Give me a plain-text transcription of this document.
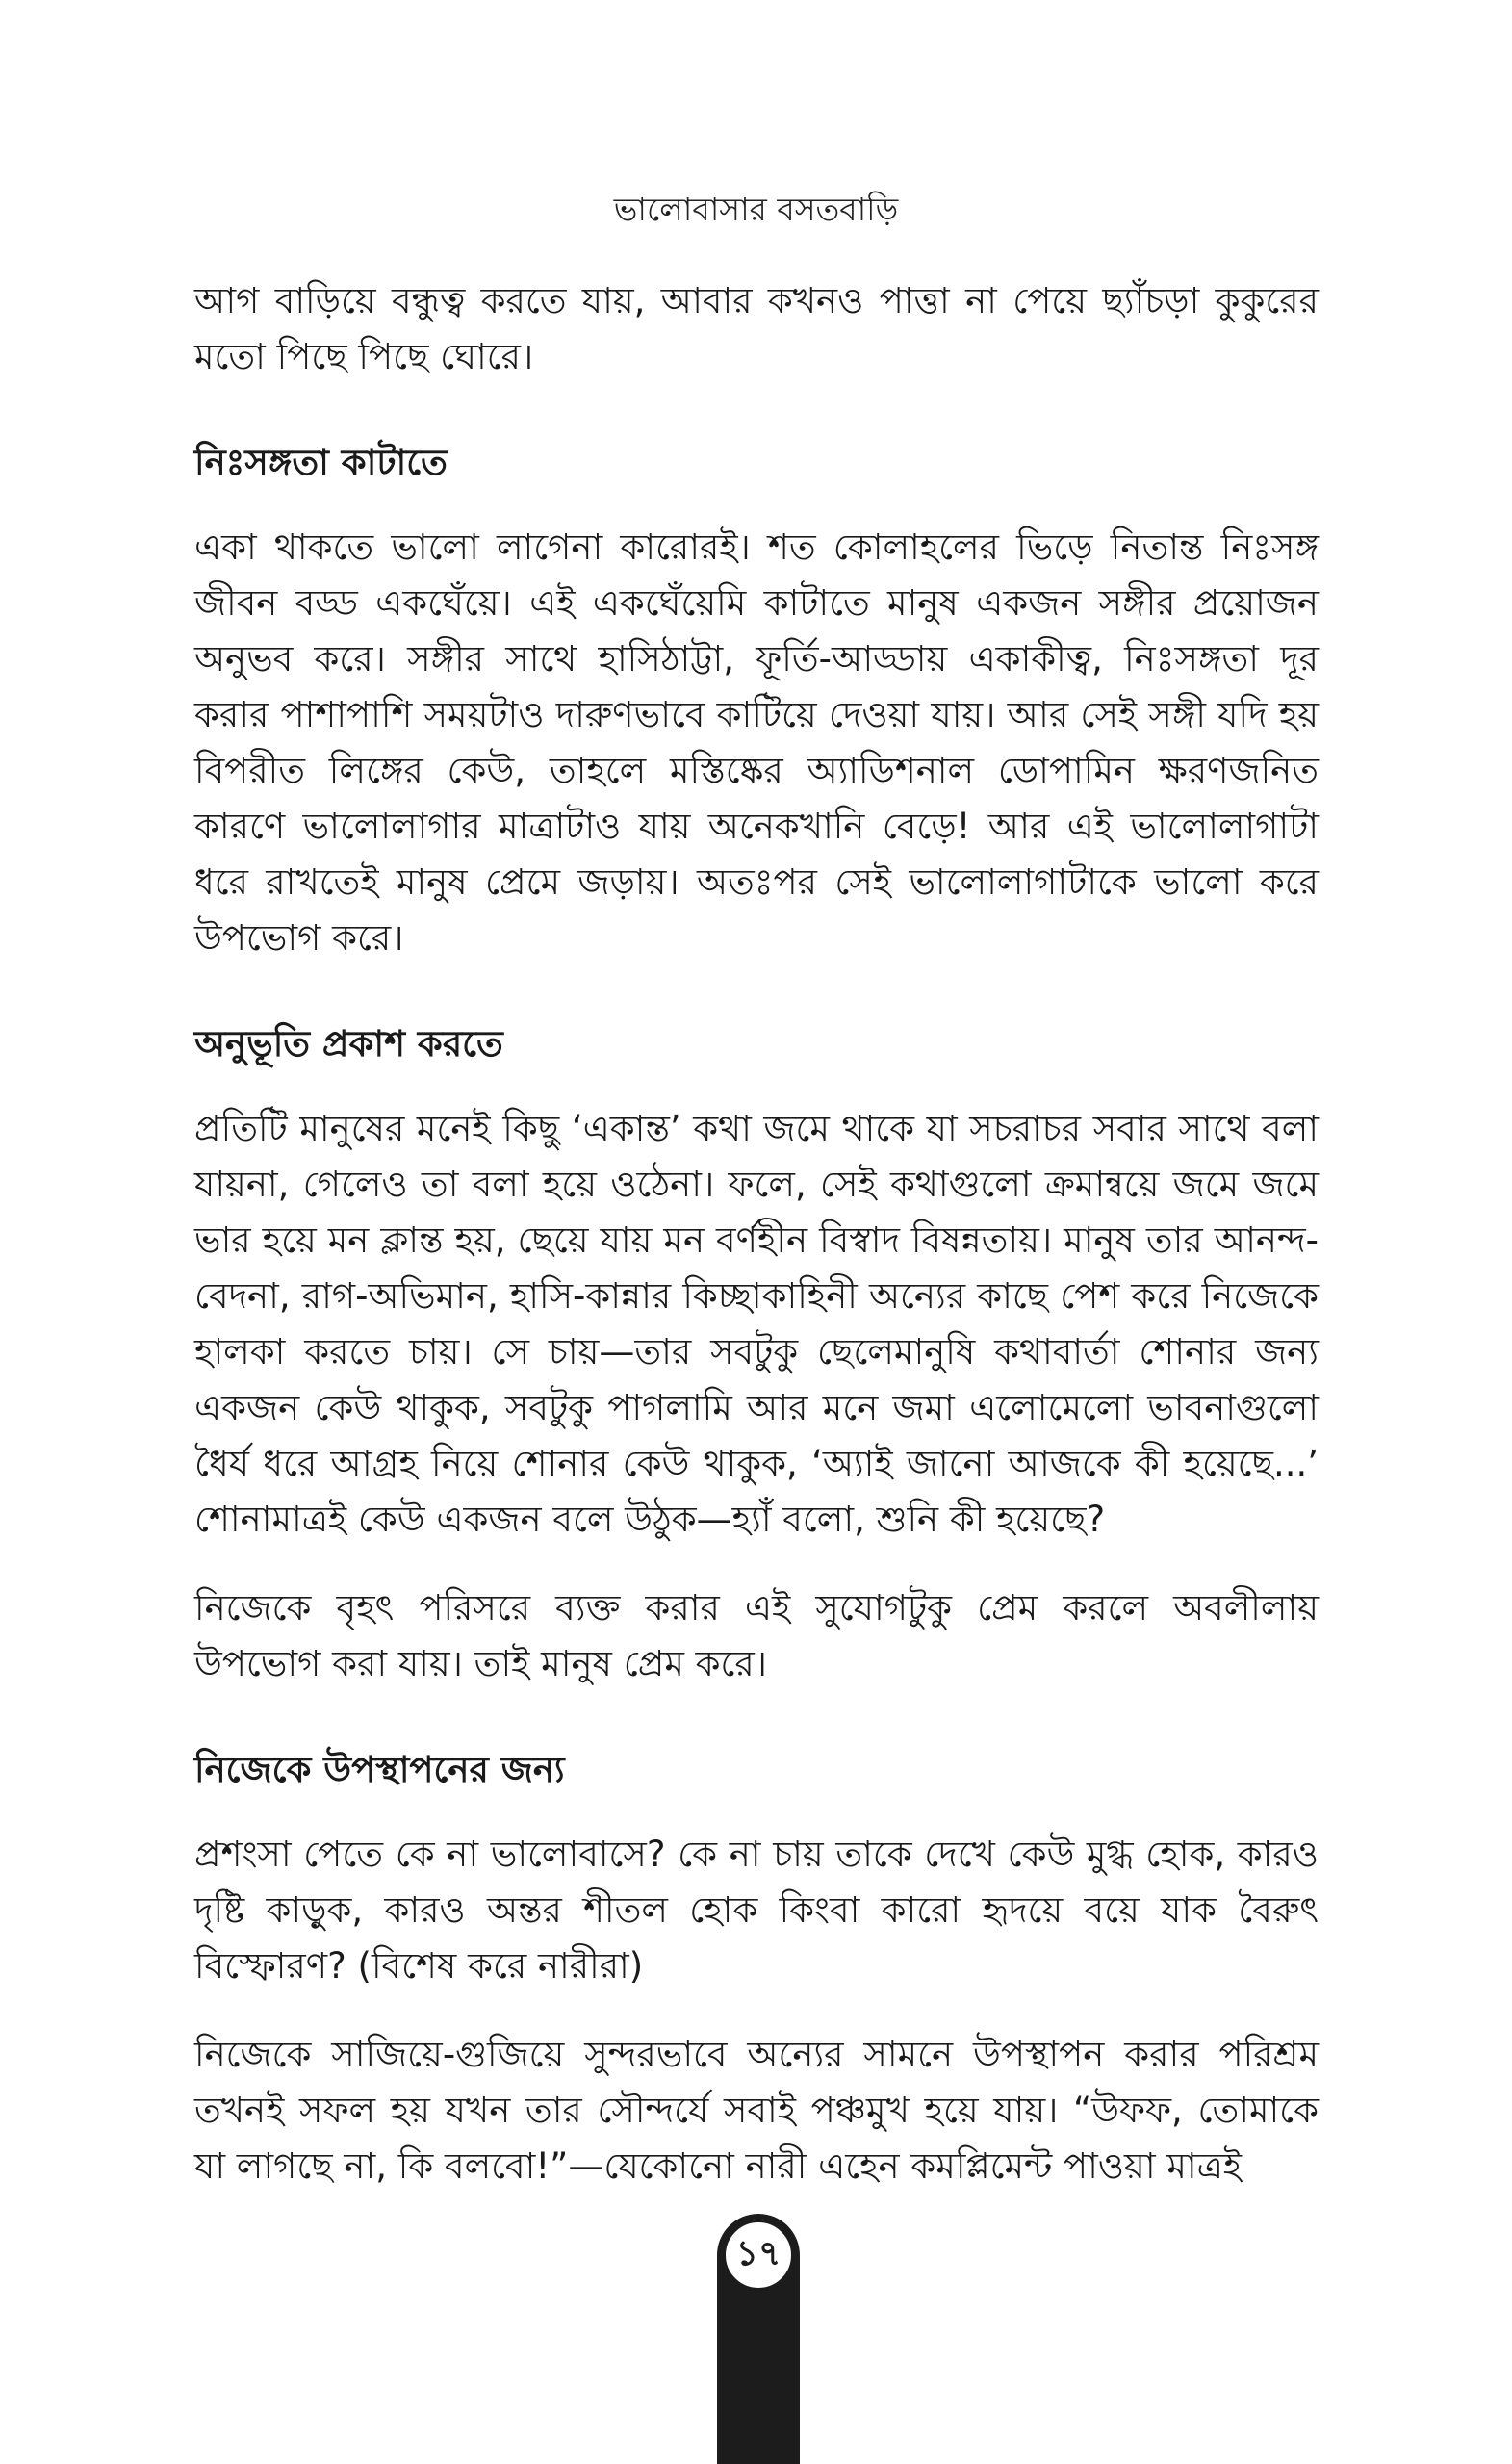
ভালোবাসার বসতবাড়ি

আগ বাড়িয়ে বন্ধুত্ব করতে যায়, আবার কখনও পাত্তা না পেয়ে ছ্যাঁচড়া কুকুরের মতো পিছে পিছে ঘোরে।

নিঃসঙ্গতা কাটাতে

একা থাকতে ভালো লাগেনা কারোরই। শত কোলাহলের ভিড়ে নিতান্ত নিঃসঙ্গ জীবন বড্ড একঘেঁয়ে। এই একঘেঁয়েমি কাটাতে মানুষ একজন সঙ্গীর প্রয়োজন অনুভব করে। সঙ্গীর সাথে হাসিঠাট্টা, ফূর্তি-আড্ডায় একাকীত্ব, নিঃসঙ্গতা দূর করার পাশাপাশি সময়টাও দারুণভাবে কাটিয়ে দেওয়া যায়। আর সেই সঙ্গী যদি হয় বিপরীত লিঙ্গের কেউ, তাহলে মস্তিষ্কের অ্যাডিশনাল ডোপামিন ক্ষরণজনিত কারণে ভালোলাগার মাত্রাটাও যায় অনেকখানি বেড়ে! আর এই ভালোলাগাটা ধরে রাখতেই মানুষ প্রেমে জড়ায়। অতঃপর সেই ভালোলাগাটাকে ভালো করে উপভোগ করে।

অনুভূতি প্রকাশ করতে

প্রতিটি মানুষের মনেই কিছু ‘একান্ত’ কথা জমে থাকে যা সচরাচর সবার সাথে বলা যায়না, গেলেও তা বলা হয়ে ওঠেনা। ফলে, সেই কথাগুলো ক্রমান্বয়ে জমে জমে ভার হয়ে মন ক্লান্ত হয়, ছেয়ে যায় মন বর্ণহীন বিস্বাদ বিষন্নতায়। মানুষ তার আনন্দ-বেদনা, রাগ-অভিমান, হাসি-কান্নার কিচ্ছাকাহিনী অন্যের কাছে পেশ করে নিজেকে হালকা করতে চায়। সে চায়—তার সবটুকু ছেলেমানুষি কথাবার্তা শোনার জন্য একজন কেউ থাকুক, সবটুকু পাগলামি আর মনে জমা এলোমেলো ভাবনাগুলো ধৈর্য ধরে আগ্রহ নিয়ে শোনার কেউ থাকুক, ‘অ্যাই জানো আজকে কী হয়েছে...’ শোনামাত্রই কেউ একজন বলে উঠুক—হ্যাঁ বলো, শুনি কী হয়েছে?

নিজেকে বৃহৎ পরিসরে ব্যক্ত করার এই সুযোগটুকু প্রেম করলে অবলীলায় উপভোগ করা যায়। তাই মানুষ প্রেম করে।

নিজেকে উপস্থাপনের জন্য

প্রশংসা পেতে কে না ভালোবাসে? কে না চায় তাকে দেখে কেউ মুগ্ধ হোক, কারও দৃষ্টি কাড়ুক, কারও অন্তর শীতল হোক কিংবা কারো হৃদয়ে বয়ে যাক বৈরুৎ বিস্ফোরণ? (বিশেষ করে নারীরা)

নিজেকে সাজিয়ে-গুজিয়ে সুন্দরভাবে অন্যের সামনে উপস্থাপন করার পরিশ্রম তখনই সফল হয় যখন তার সৌন্দর্যে সবাই পঞ্চমুখ হয়ে যায়। “উফফ, তোমাকে যা লাগছে না, কি বলবো!”—যেকোনো নারী এহেন কমপ্লিমেন্ট পাওয়া মাত্রই

১৭
